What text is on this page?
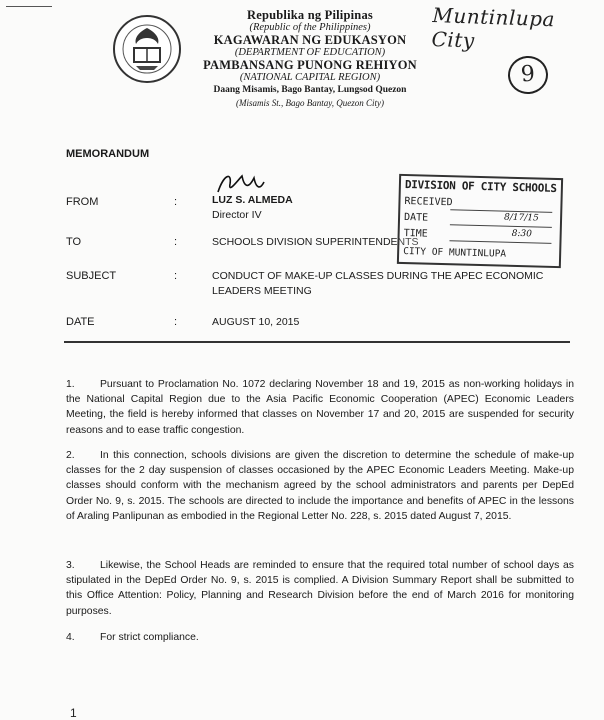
Republika ng Pilipinas
(Republic of the Philippines)
KAGAWARAN NG EDUKASYON
(DEPARTMENT OF EDUCATION)
PAMBANSANG PUNONG REHIYON
(NATIONAL CAPITAL REGION)
Daang Misamis, Bago Bantay, Lungsod Quezon
(Misamis St., Bago Bantay, Quezon City)
Muntinlupa City
9
MEMORANDUM
FROM	:	LUZ S. ALMEDA
Director IV
TO	:	SCHOOLS DIVISION SUPERINTENDENTS
SUBJECT	:	CONDUCT OF MAKE-UP CLASSES DURING THE APEC ECONOMIC
LEADERS MEETING
DATE	:	AUGUST 10, 2015
DIVISION OF CITY SCHOOLS
RECEIVED
DATE	8/17/15
TIME	8:30
CITY OF MUNTINLUPA
1. Pursuant to Proclamation No. 1072 declaring November 18 and 19, 2015 as non-working holidays in the National Capital Region due to the Asia Pacific Economic Cooperation (APEC) Economic Leaders Meeting, the field is hereby informed that classes on November 17 and 20, 2015 are suspended for security reasons and to ease traffic congestion.
2. In this connection, schools divisions are given the discretion to determine the schedule of make-up classes for the 2 day suspension of classes occasioned by the APEC Economic Leaders Meeting. Make-up classes should conform with the mechanism agreed by the school administrators and parents per DepEd Order No. 9, s. 2015. The schools are directed to include the importance and benefits of APEC in the lessons of Araling Panlipunan as embodied in the Regional Letter No. 228, s. 2015 dated August 7, 2015.
3. Likewise, the School Heads are reminded to ensure that the required total number of school days as stipulated in the DepEd Order No. 9, s. 2015 is complied. A Division Summary Report shall be submitted to this Office Attention: Policy, Planning and Research Division before the end of March 2016 for monitoring purposes.
4. For strict compliance.
1
